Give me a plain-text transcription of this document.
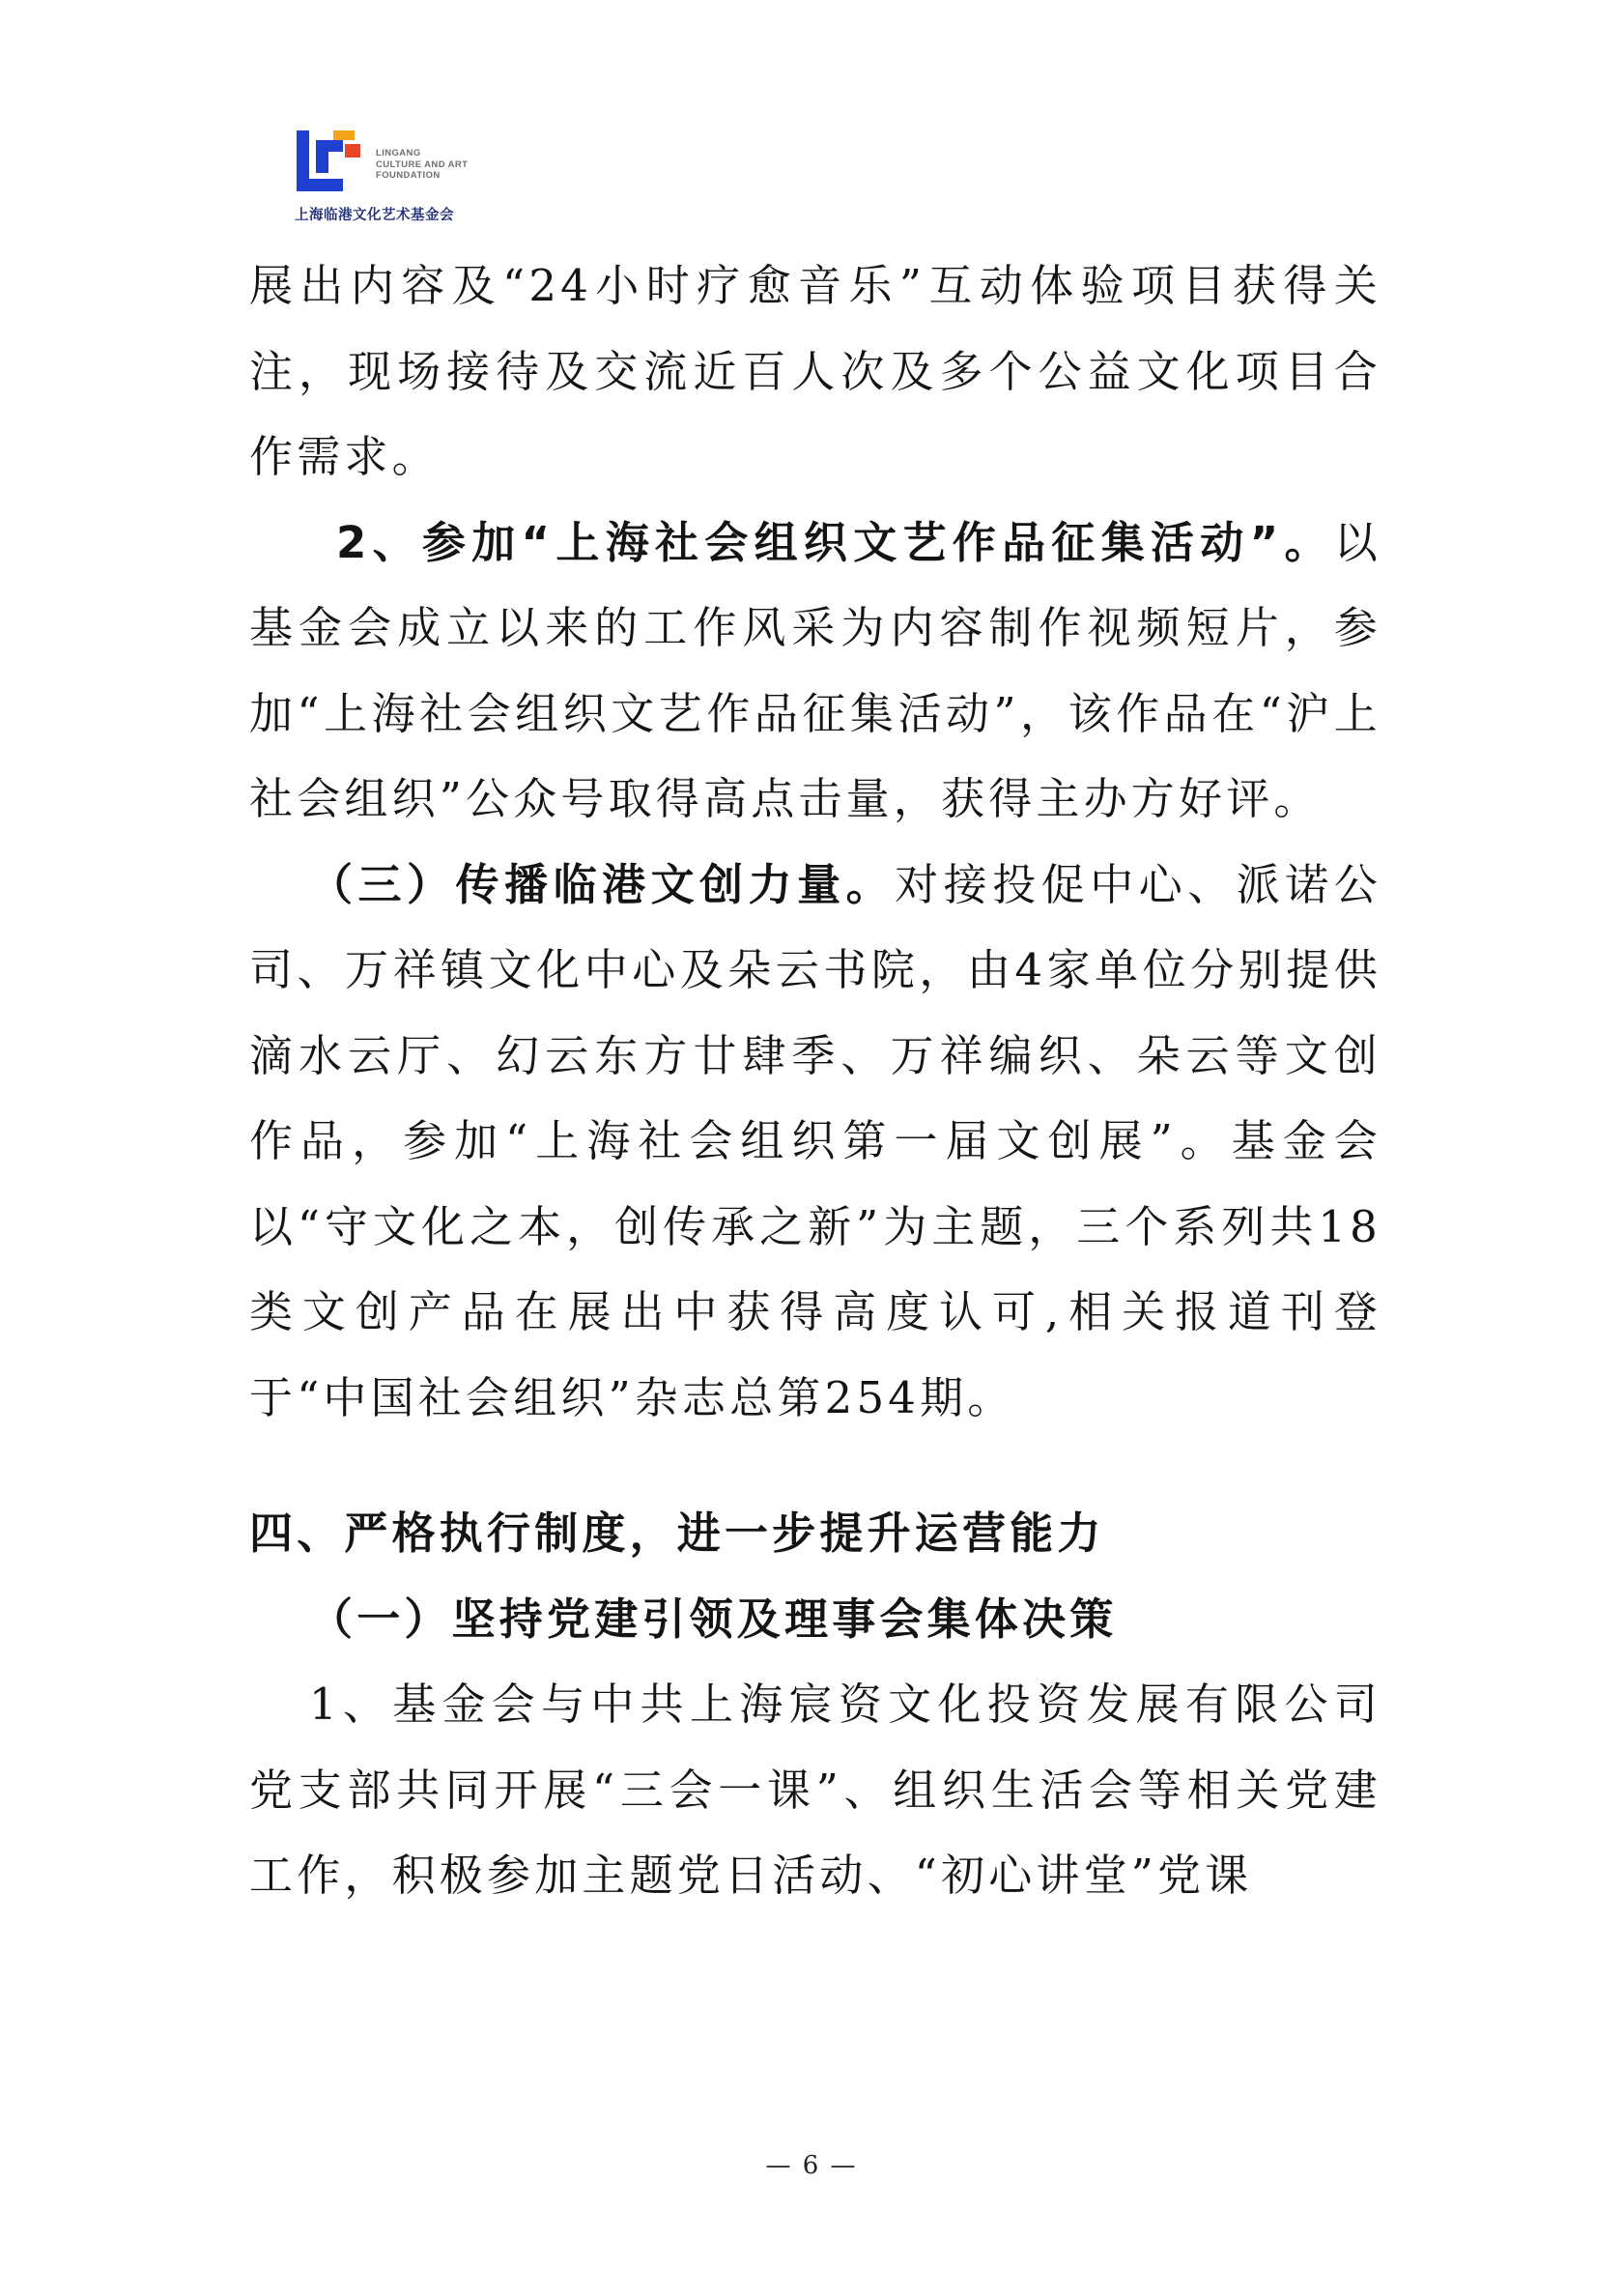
LINGANG
CULTURE AND ART
FOUNDATION
上海临港文化艺术基金会

展出内容及“24小时疗愈音乐”互动体验项目获得关注，现场接待及交流近百人次及多个公益文化项目合作需求。

2、参加“上海社会组织文艺作品征集活动”。以基金会成立以来的工作风采为内容制作视频短片，参加“上海社会组织文艺作品征集活动”，该作品在“沪上社会组织”公众号取得高点击量，获得主办方好评。

（三）传播临港文创力量。对接投促中心、派诺公司、万祥镇文化中心及朵云书院，由4家单位分别提供滴水云厅、幻云东方廿肆季、万祥编织、朵云等文创作品，参加“上海社会组织第一届文创展”。基金会以“守文化之本，创传承之新”为主题，三个系列共18类文创产品在展出中获得高度认可,相关报道刊登于“中国社会组织”杂志总第254期。

四、严格执行制度，进一步提升运营能力

（一）坚持党建引领及理事会集体决策

1、基金会与中共上海宸资文化投资发展有限公司党支部共同开展“三会一课”、组织生活会等相关党建工作，积极参加主题党日活动、“初心讲堂”党课

— 6 —
